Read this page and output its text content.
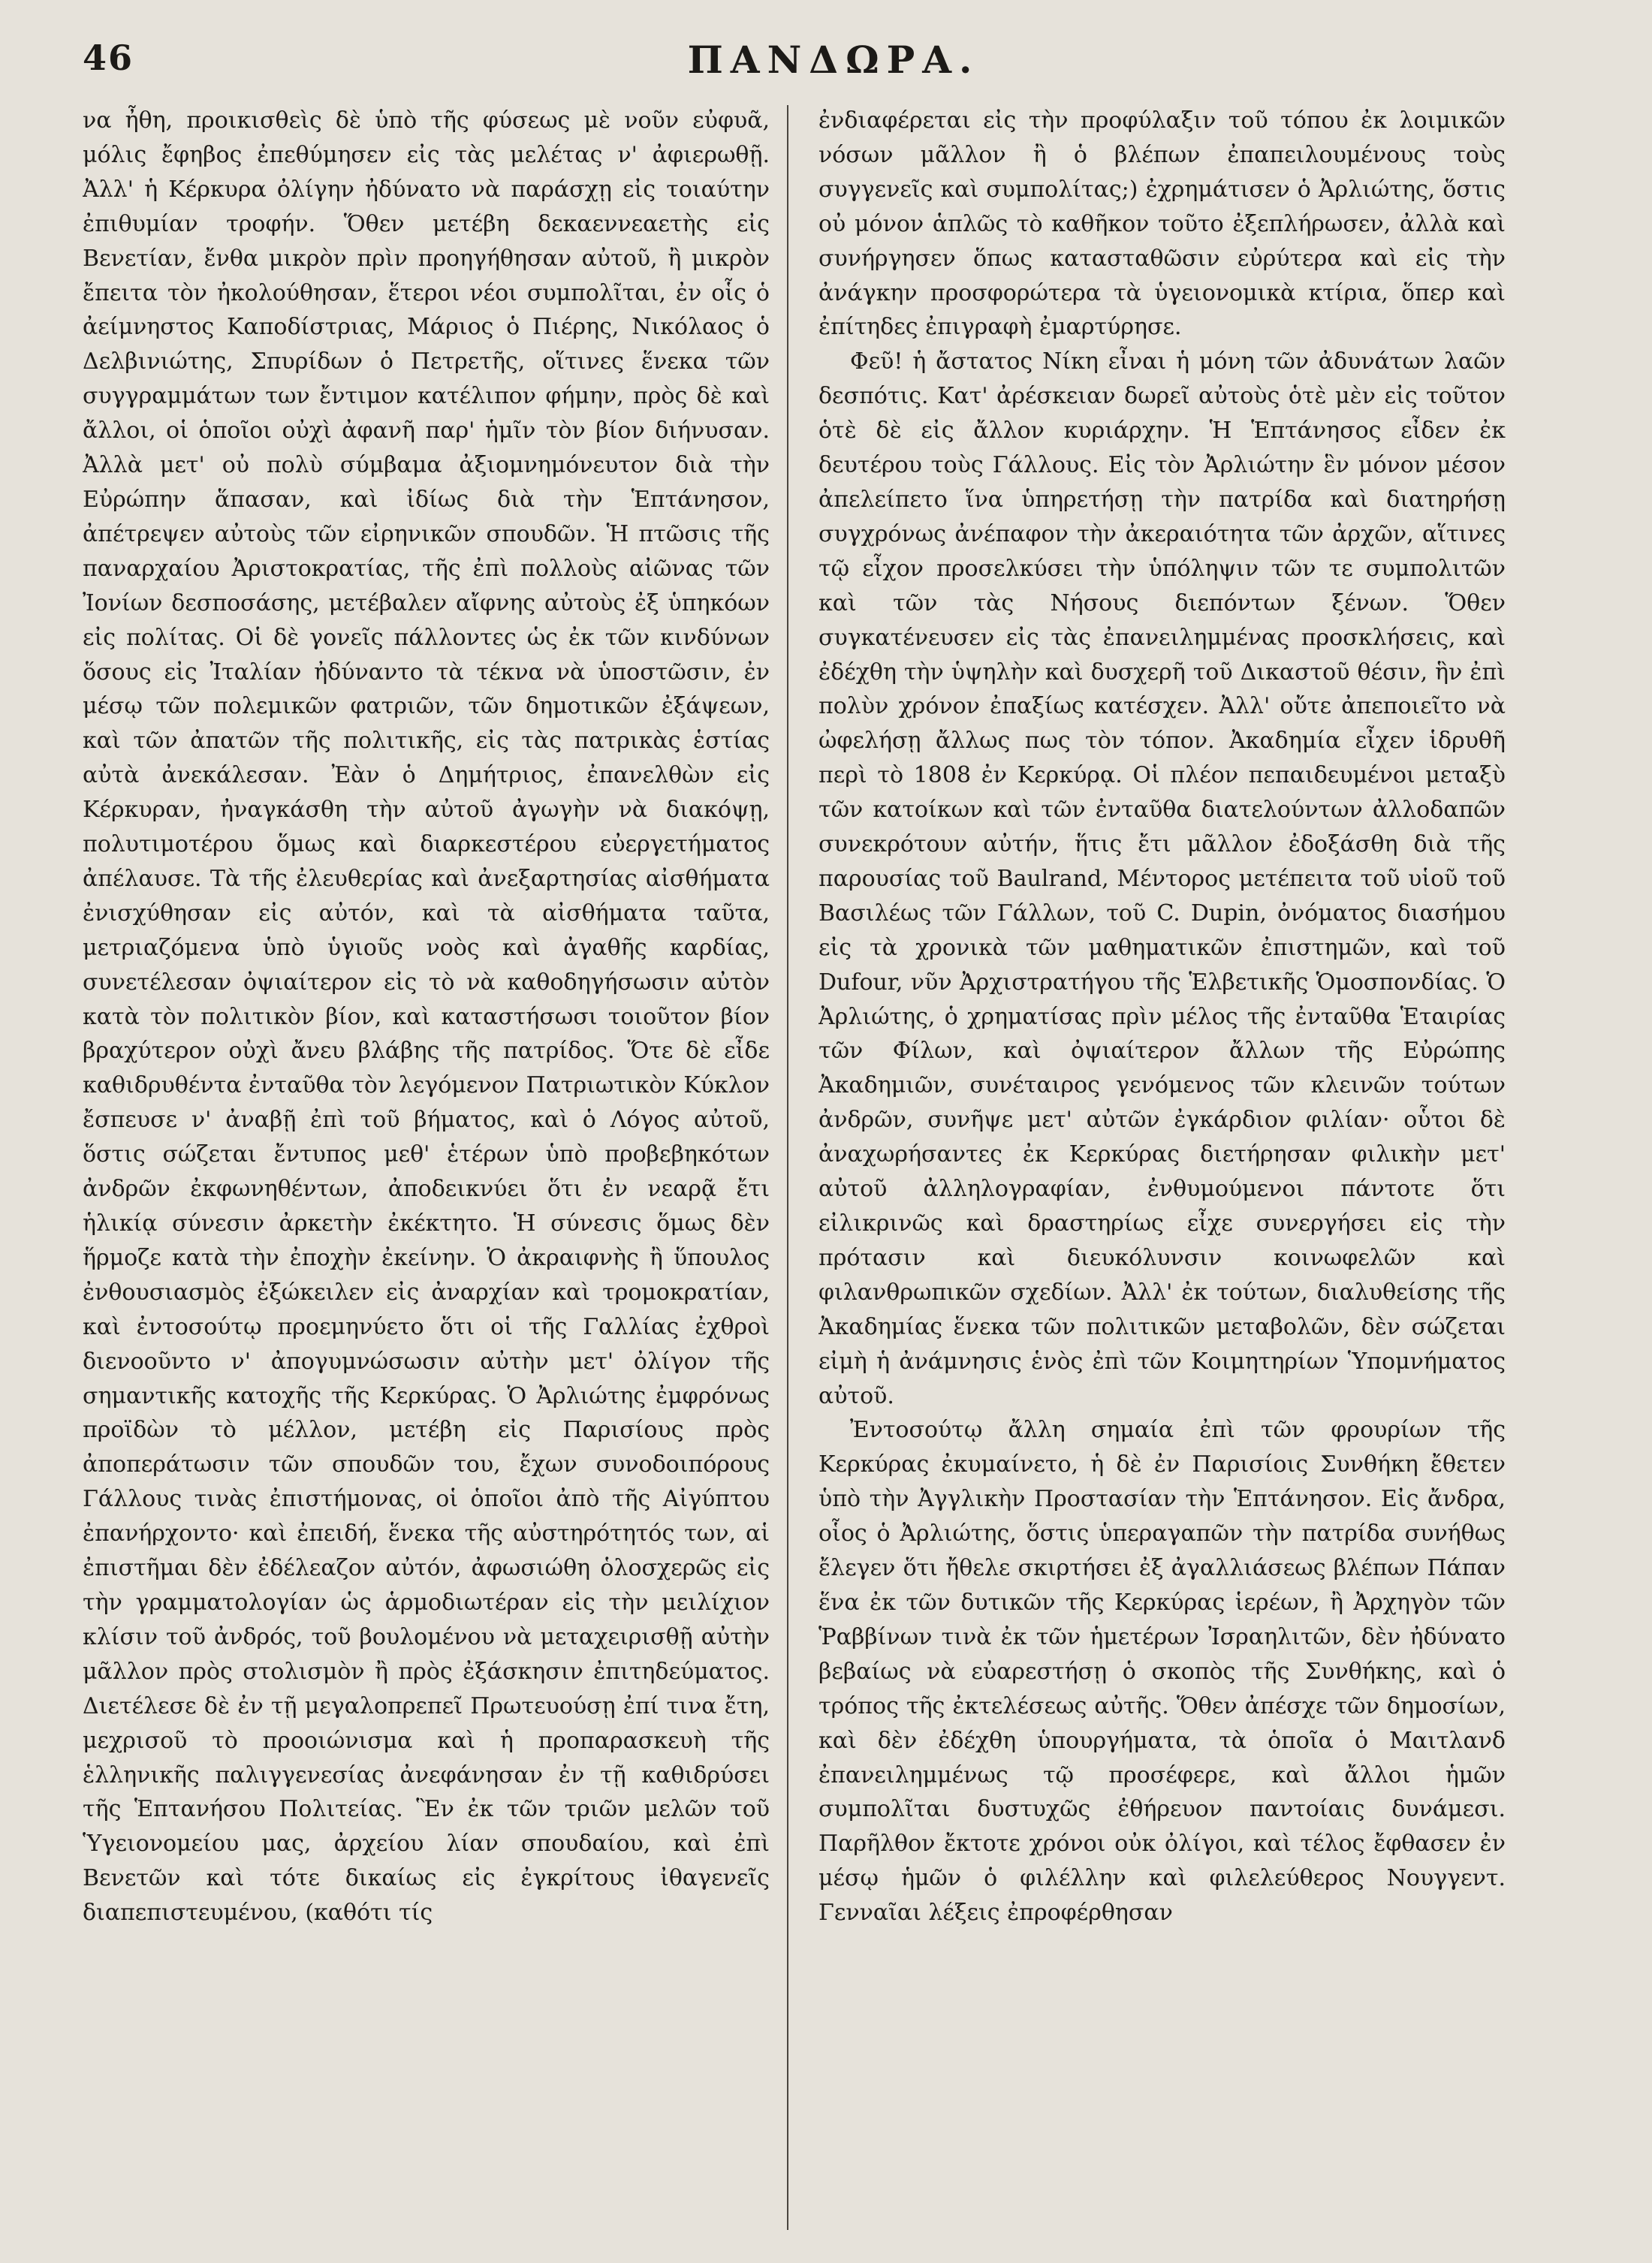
46	ΠΑΝΔΩΡΑ.

να ἦθη, προικισθεὶς δὲ ὑπὸ τῆς φύσεως μὲ νοῦν εὐφυᾶ, μόλις ἔφηβος ἐπεθύμησεν εἰς τὰς μελέτας ν' ἀφιερωθῇ. Ἀλλ' ἡ Κέρκυρα ὀλίγην ἠδύνατο νὰ παράσχῃ εἰς τοιαύτην ἐπιθυμίαν τροφήν. Ὅθεν μετέβη δεκαεννεαετὴς εἰς Βενετίαν, ἔνθα μικρὸν πρὶν προηγήθησαν αὐτοῦ, ἢ μικρὸν ἔπειτα τὸν ἠκολούθησαν, ἕτεροι νέοι συμπολῖται, ἐν οἷς ὁ ἀείμνηστος Καποδίστριας, Μάριος ὁ Πιέρης, Νικόλαος ὁ Δελβινιώτης, Σπυρίδων ὁ Πετρετῆς, οἵτινες ἕνεκα τῶν συγγραμμάτων των ἔντιμον κατέλιπον φήμην, πρὸς δὲ καὶ ἄλλοι, οἱ ὁποῖοι οὐχὶ ἀφανῆ παρ' ἡμῖν τὸν βίον διήνυσαν. Ἀλλὰ μετ' οὐ πολὺ σύμβαμα ἀξιομνημόνευτον διὰ τὴν Εὐρώπην ἅπασαν, καὶ ἰδίως διὰ τὴν Ἑπτάνησον, ἀπέτρεψεν αὐτοὺς τῶν εἰρηνικῶν σπουδῶν. Ἡ πτῶσις τῆς παναρχαίου Ἀριστοκρατίας, τῆς ἐπὶ πολλοὺς αἰῶνας τῶν Ἰονίων δεσποσάσης, μετέβαλεν αἴφνης αὐτοὺς ἐξ ὑπηκόων εἰς πολίτας. Οἱ δὲ γονεῖς πάλλοντες ὡς ἐκ τῶν κινδύνων ὅσους εἰς Ἰταλίαν ἠδύναντο τὰ τέκνα νὰ ὑποστῶσιν, ἐν μέσῳ τῶν πολεμικῶν φατριῶν, τῶν δημοτικῶν ἐξάψεων, καὶ τῶν ἀπατῶν τῆς πολιτικῆς, εἰς τὰς πατρικὰς ἑστίας αὐτὰ ἀνεκάλεσαν. Ἐὰν ὁ Δημήτριος, ἐπανελθὼν εἰς Κέρκυραν, ἠναγκάσθη τὴν αὐτοῦ ἀγωγὴν νὰ διακόψῃ, πολυτιμοτέρου ὅμως καὶ διαρκεστέρου εὐεργετήματος ἀπέλαυσε. Τὰ τῆς ἐλευθερίας καὶ ἀνεξαρτησίας αἰσθήματα ἐνισχύθησαν εἰς αὐτόν, καὶ τὰ αἰσθήματα ταῦτα, μετριαζόμενα ὑπὸ ὑγιοῦς νοὸς καὶ ἀγαθῆς καρδίας, συνετέλεσαν ὀψιαίτερον εἰς τὸ νὰ καθοδηγήσωσιν αὐτὸν κατὰ τὸν πολιτικὸν βίον, καὶ καταστήσωσι τοιοῦτον βίον βραχύτερον οὐχὶ ἄνευ βλάβης τῆς πατρίδος. Ὅτε δὲ εἶδε καθιδρυθέντα ἐνταῦθα τὸν λεγόμενον Πατριωτικὸν Κύκλον ἔσπευσε ν' ἀναβῇ ἐπὶ τοῦ βήματος, καὶ ὁ Λόγος αὐτοῦ, ὅστις σώζεται ἔντυπος μεθ' ἑτέρων ὑπὸ προβεβηκότων ἀνδρῶν ἐκφωνηθέντων, ἀποδεικνύει ὅτι ἐν νεαρᾷ ἔτι ἡλικίᾳ σύνεσιν ἀρκετὴν ἐκέκτητο. Ἡ σύνεσις ὅμως δὲν ἥρμοζε κατὰ τὴν ἐποχὴν ἐκείνην. Ὁ ἀκραιφνὴς ἢ ὕπουλος ἐνθουσιασμὸς ἐξώκειλεν εἰς ἀναρχίαν καὶ τρομοκρατίαν, καὶ ἐντοσούτῳ προεμηνύετο ὅτι οἱ τῆς Γαλλίας ἐχθροὶ διενοοῦντο ν' ἀπογυμνώσωσιν αὐτὴν μετ' ὀλίγον τῆς σημαντικῆς κατοχῆς τῆς Κερκύρας. Ὁ Ἀρλιώτης ἐμφρόνως προϊδὼν τὸ μέλλον, μετέβη εἰς Παρισίους πρὸς ἀποπεράτωσιν τῶν σπουδῶν του, ἔχων συνοδοιπόρους Γάλλους τινὰς ἐπιστήμονας, οἱ ὁποῖοι ἀπὸ τῆς Αἰγύπτου ἐπανήρχοντο· καὶ ἐπειδή, ἕνεκα τῆς αὐστηρότητός των, αἱ ἐπιστῆμαι δὲν ἐδέλεαζον αὐτόν, ἀφωσιώθη ὁλοσχερῶς εἰς τὴν γραμματολογίαν ὡς ἁρμοδιωτέραν εἰς τὴν μειλίχιον κλίσιν τοῦ ἀνδρός, τοῦ βουλομένου νὰ μεταχειρισθῇ αὐτὴν μᾶλλον πρὸς στολισμὸν ἢ πρὸς ἐξάσκησιν ἐπιτηδεύματος. Διετέλεσε δὲ ἐν τῇ μεγαλοπρεπεῖ Πρωτευούσῃ ἐπί τινα ἔτη, μεχρισοῦ τὸ προοιώνισμα καὶ ἡ προπαρασκευὴ τῆς ἑλληνικῆς παλιγγενεσίας ἀνεφάνησαν ἐν τῇ καθιδρύσει τῆς Ἑπτανήσου Πολιτείας. Ἓν ἐκ τῶν τριῶν μελῶν τοῦ Ὑγειονομείου μας, ἀρχείου λίαν σπουδαίου, καὶ ἐπὶ Βενετῶν καὶ τότε δικαίως εἰς ἐγκρίτους ἰθαγενεῖς διαπεπιστευμένου, (καθότι τίς

ἐνδιαφέρεται εἰς τὴν προφύλαξιν τοῦ τόπου ἐκ λοιμικῶν νόσων μᾶλλον ἢ ὁ βλέπων ἐπαπειλουμένους τοὺς συγγενεῖς καὶ συμπολίτας;) ἐχρημάτισεν ὁ Ἀρλιώτης, ὅστις οὐ μόνον ἁπλῶς τὸ καθῆκον τοῦτο ἐξεπλήρωσεν, ἀλλὰ καὶ συνήργησεν ὅπως κατασταθῶσιν εὐρύτερα καὶ εἰς τὴν ἀνάγκην προσφορώτερα τὰ ὑγειονομικὰ κτίρια, ὅπερ καὶ ἐπίτηδες ἐπιγραφὴ ἐμαρτύρησε.

Φεῦ! ἡ ἄστατος Νίκη εἶναι ἡ μόνη τῶν ἀδυνάτων λαῶν δεσπότις. Κατ' ἀρέσκειαν δωρεῖ αὐτοὺς ὁτὲ μὲν εἰς τοῦτον ὁτὲ δὲ εἰς ἄλλον κυριάρχην. Ἡ Ἑπτάνησος εἶδεν ἐκ δευτέρου τοὺς Γάλλους. Εἰς τὸν Ἀρλιώτην ἓν μόνον μέσον ἀπελείπετο ἵνα ὑπηρετήσῃ τὴν πατρίδα καὶ διατηρήσῃ συγχρόνως ἀνέπαφον τὴν ἀκεραιότητα τῶν ἀρχῶν, αἵτινες τῷ εἶχον προσελκύσει τὴν ὑπόληψιν τῶν τε συμπολιτῶν καὶ τῶν τὰς Νήσους διεπόντων ξένων. Ὅθεν συγκατένευσεν εἰς τὰς ἐπανειλημμένας προσκλήσεις, καὶ ἐδέχθη τὴν ὑψηλὴν καὶ δυσχερῆ τοῦ Δικαστοῦ θέσιν, ἣν ἐπὶ πολὺν χρόνον ἐπαξίως κατέσχεν. Ἀλλ' οὔτε ἀπεποιεῖτο νὰ ὠφελήσῃ ἄλλως πως τὸν τόπον. Ἀκαδημία εἶχεν ἱδρυθῆ περὶ τὸ 1808 ἐν Κερκύρᾳ. Οἱ πλέον πεπαιδευμένοι μεταξὺ τῶν κατοίκων καὶ τῶν ἐνταῦθα διατελούντων ἀλλοδαπῶν συνεκρότουν αὐτήν, ἥτις ἔτι μᾶλλον ἐδοξάσθη διὰ τῆς παρουσίας τοῦ Baulrand, Μέντορος μετέπειτα τοῦ υἱοῦ τοῦ Βασιλέως τῶν Γάλλων, τοῦ C. Dupin, ὀνόματος διασήμου εἰς τὰ χρονικὰ τῶν μαθηματικῶν ἐπιστημῶν, καὶ τοῦ Dufour, νῦν Ἀρχιστρατήγου τῆς Ἑλβετικῆς Ὁμοσπονδίας. Ὁ Ἀρλιώτης, ὁ χρηματίσας πρὶν μέλος τῆς ἐνταῦθα Ἑταιρίας τῶν Φίλων, καὶ ὀψιαίτερον ἄλλων τῆς Εὐρώπης Ἀκαδημιῶν, συνέταιρος γενόμενος τῶν κλεινῶν τούτων ἀνδρῶν, συνῆψε μετ' αὐτῶν ἐγκάρδιον φιλίαν· οὗτοι δὲ ἀναχωρήσαντες ἐκ Κερκύρας διετήρησαν φιλικὴν μετ' αὐτοῦ ἀλληλογραφίαν, ἐνθυμούμενοι πάντοτε ὅτι εἰλικρινῶς καὶ δραστηρίως εἶχε συνεργήσει εἰς τὴν πρότασιν καὶ διευκόλυνσιν κοινωφελῶν καὶ φιλανθρωπικῶν σχεδίων. Ἀλλ' ἐκ τούτων, διαλυθείσης τῆς Ἀκαδημίας ἕνεκα τῶν πολιτικῶν μεταβολῶν, δὲν σώζεται εἰμὴ ἡ ἀνάμνησις ἑνὸς ἐπὶ τῶν Κοιμητηρίων Ὑπομνήματος αὐτοῦ.

Ἐντοσούτῳ ἄλλη σημαία ἐπὶ τῶν φρουρίων τῆς Κερκύρας ἐκυμαίνετο, ἡ δὲ ἐν Παρισίοις Συνθήκη ἔθετεν ὑπὸ τὴν Ἀγγλικὴν Προστασίαν τὴν Ἑπτάνησον. Εἰς ἄνδρα, οἷος ὁ Ἀρλιώτης, ὅστις ὑπεραγαπῶν τὴν πατρίδα συνήθως ἔλεγεν ὅτι ἤθελε σκιρτήσει ἐξ ἀγαλλιάσεως βλέπων Πάπαν ἕνα ἐκ τῶν δυτικῶν τῆς Κερκύρας ἱερέων, ἢ Ἀρχηγὸν τῶν Ῥαββίνων τινὰ ἐκ τῶν ἡμετέρων Ἰσραηλιτῶν, δὲν ἠδύνατο βεβαίως νὰ εὐαρεστήσῃ ὁ σκοπὸς τῆς Συνθήκης, καὶ ὁ τρόπος τῆς ἐκτελέσεως αὐτῆς. Ὅθεν ἀπέσχε τῶν δημοσίων, καὶ δὲν ἐδέχθη ὑπουργήματα, τὰ ὁποῖα ὁ Μαιτλανδ ἐπανειλημμένως τῷ προσέφερε, καὶ ἄλλοι ἡμῶν συμπολῖται δυστυχῶς ἐθήρευον παντοίαις δυνάμεσι. Παρῆλθον ἔκτοτε χρόνοι οὐκ ὀλίγοι, καὶ τέλος ἔφθασεν ἐν μέσῳ ἡμῶν ὁ φιλέλλην καὶ φιλελεύθερος Νουγγεντ. Γενναῖαι λέξεις ἐπροφέρθησαν
